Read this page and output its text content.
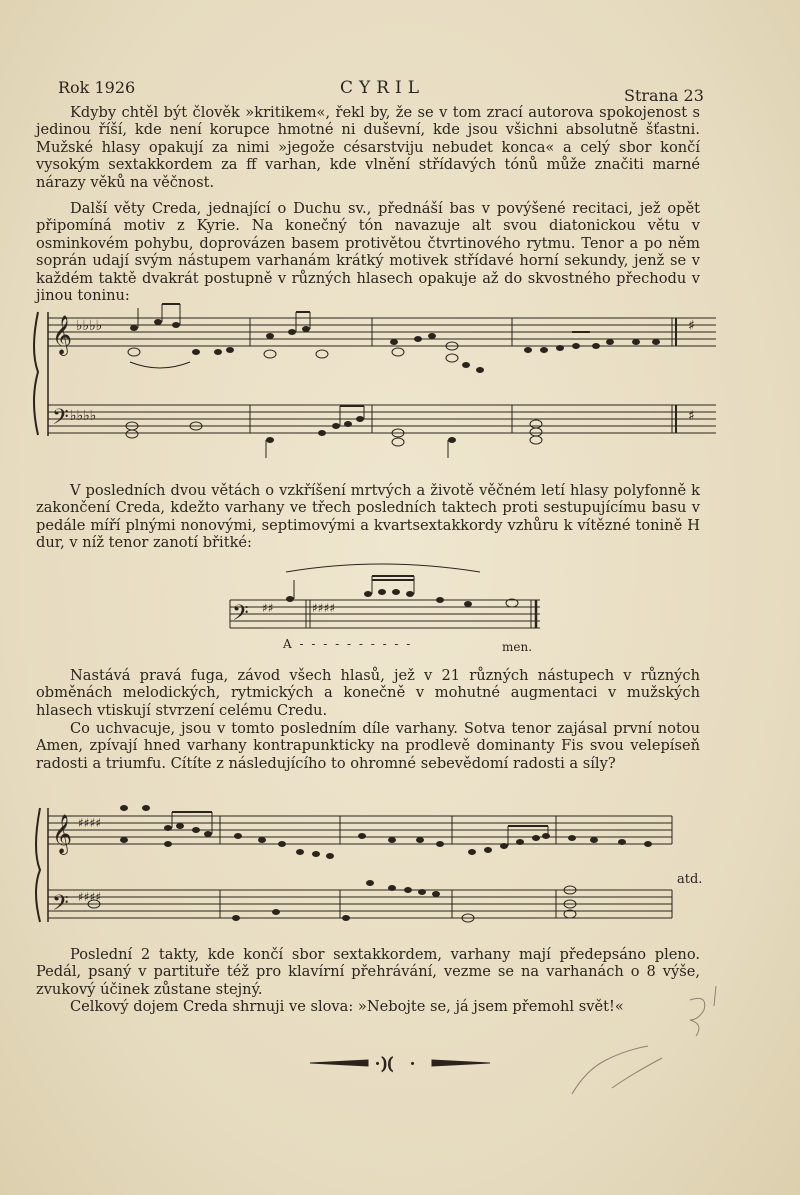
Rok 1926	CYRIL	Strana 23

Kdyby chtěl být člověk »kritikem«, řekl by, že se v tom zrací autorova spokojenost s jedinou říší, kde není korupce hmotné ni duševní, kde jsou všichni absolutně šťastni. Mužské hlasy opakují za nimi »jegože césarstviju nebudet konca« a celý sbor končí vysokým sextakkordem za ff varhan, kde vlnění střídavých tónů může značiti marné nárazy věků na věčnost.

Další věty Creda, jednající o Duchu sv., přednáší bas v povýšené recitaci, jež opět připomíná motiv z Kyrie. Na konečný tón navazuje alt svou diatonickou větu v osminkovém pohybu, doprovázen basem protivětou čtvrtinového rytmu. Tenor a po něm soprán udají svým nástupem varhanám krátký motivek střídavé horní sekundy, jenž se v každém taktě dvakrát postupně v různých hlasech opakuje až do skvostného přechodu v jinou toninu:

𝄞
𝄢
♭♭♭♭
♭♭♭♭
♯
♯

V posledních dvou větách o vzkříšení mrtvých a životě věčném letí hlasy polyfonně k zakončení Creda, kdežto varhany ve třech posledních taktech proti sestupujícímu basu v pedále míří plnými nonovými, septimovými a kvartsextakkordy vzhůru k vítězné tonině H dur, v níž tenor zanotí břitké:

𝄢 ♯♯	♯♯♯♯
A - - - - - - - - - -	men.

Nastává pravá fuga, závod všech hlasů, jež v 21 různých nástupech v různých obměnách melodických, rytmických a konečně v mohutné augmentaci v mužských hlasech vtiskují stvrzení celému Credu.

Co uchvacuje, jsou v tomto posledním díle varhany. Sotva tenor zajásal první notou Amen, zpívají hned varhany kontrapunkticky na prodlevě dominanty Fis svou velepíseň radosti a triumfu. Cítíte z následujícího to ohromné sebevědomí radosti a síly?

𝄞
𝄢
♯♯♯♯
♯♯♯♯
atd.

Poslední 2 takty, kde končí sbor sextakkordem, varhany mají předepsáno pleno. Pedál, psaný v partituře též pro klavírní přehrávání, vezme se na varhanách o 8 výše, zvukový účinek zůstane stejný.

Celkový dojem Creda shrnuji ve slova: »Nebojte se, já jsem přemohl svět!«

)(
· ·
